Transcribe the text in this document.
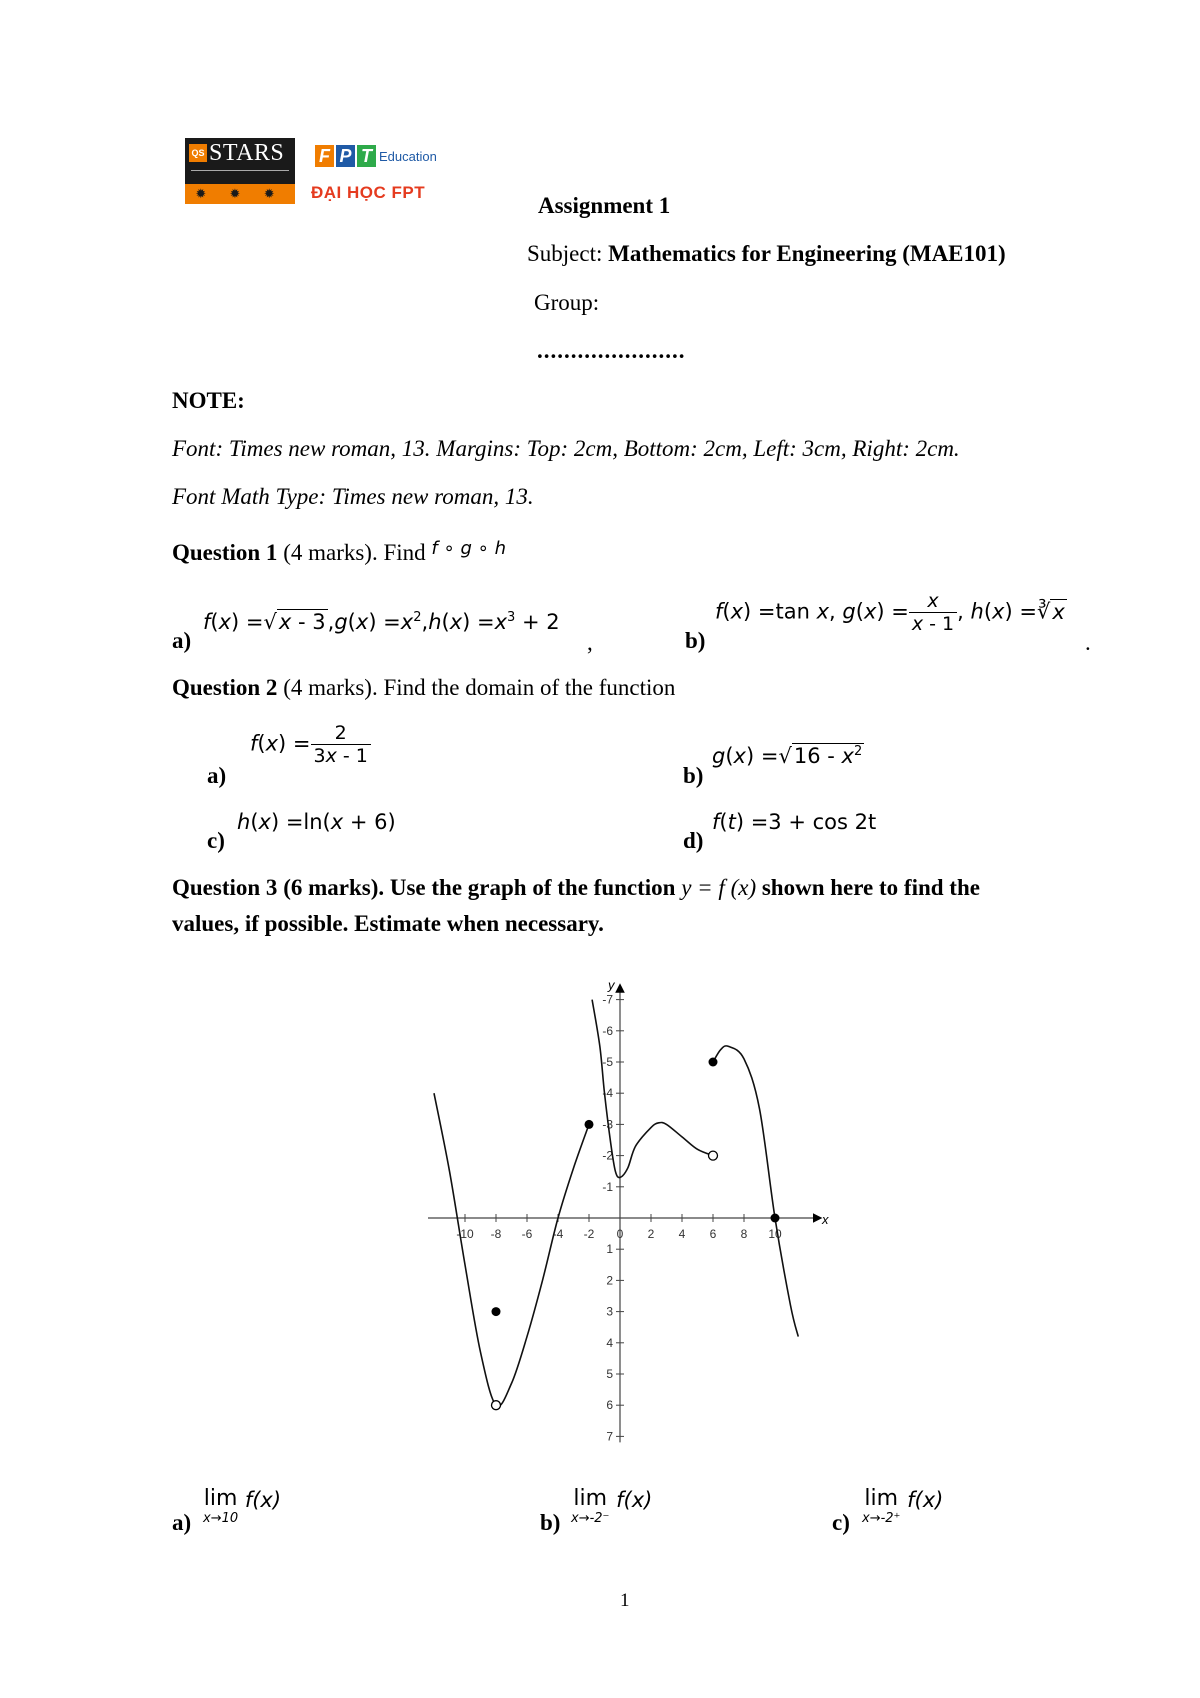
QS STARS
✹ ✹ ✹
F P T Education
ĐẠI HỌC FPT
Assignment 1
Subject: Mathematics for Engineering (MAE101)
Group:
......................
NOTE:
Font: Times new roman, 13. Margins: Top: 2cm, Bottom: 2cm, Left: 3cm, Right: 2cm.
Font Math Type: Times new roman, 13.
Question 1 (4 marks). Find $^{f \circ g \circ h}$
a)
$f(x) =√x - 3,g(x) =x^2,h(x) =x^3 + 2$
,	b)
f(x) =tan x, $g(x) = \frac{x}{x - 1}$ , h(x) =∛x
.
Question 2 (4 marks). Find the domain of the function
a)
$f(x) = \frac{2}{3x - 1}$
b)
$g(x) =√16 - x^2$
c)
h(x) =ln(x + 6)
d)
f(t) =3 + cos 2t
Question 3 (6 marks). Use the graph of the function y = f (x) shown here to find the
values, if possible. Estimate when necessary.
x
y
-10 -8 -6 -4 -2 0 2 4 6 8 10
7
6
5
4
3
2
1
-1
-2
-3
-4
-5
-6
-7
a)
lim
x→10
f(x)
b)
lim
x→-2⁻
f(x)
c)
lim
x→-2⁺
f(x)
1
